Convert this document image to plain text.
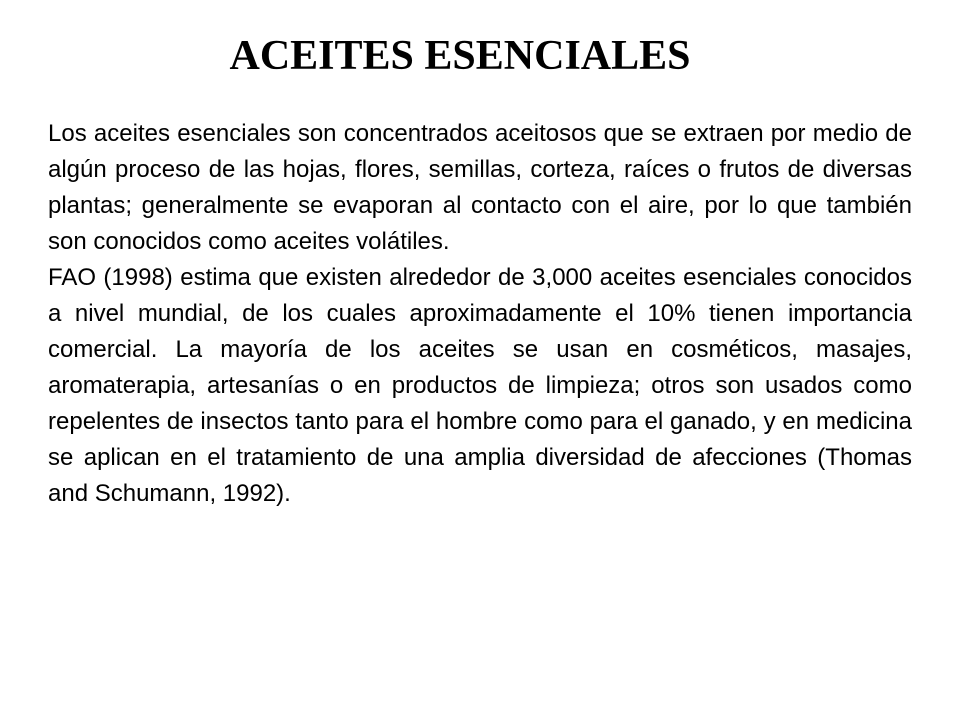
ACEITES ESENCIALES

Los aceites esenciales son concentrados aceitosos que se extraen por medio de algún proceso de las hojas, flores, semillas, corteza, raíces o frutos de diversas plantas; generalmente se evaporan al contacto con el aire, por lo que también son conocidos como aceites volátiles.

FAO (1998) estima que existen alrededor de 3,000 aceites esenciales conocidos a nivel mundial, de los cuales aproximadamente el 10% tienen importancia comercial. La mayoría de los aceites se usan en cosméticos, masajes, aromaterapia, artesanías o en productos de limpieza; otros son usados como repelentes de insectos tanto para el hombre como para el ganado, y en medicina se aplican en el tratamiento de una amplia diversidad de afecciones (Thomas and Schumann, 1992).
